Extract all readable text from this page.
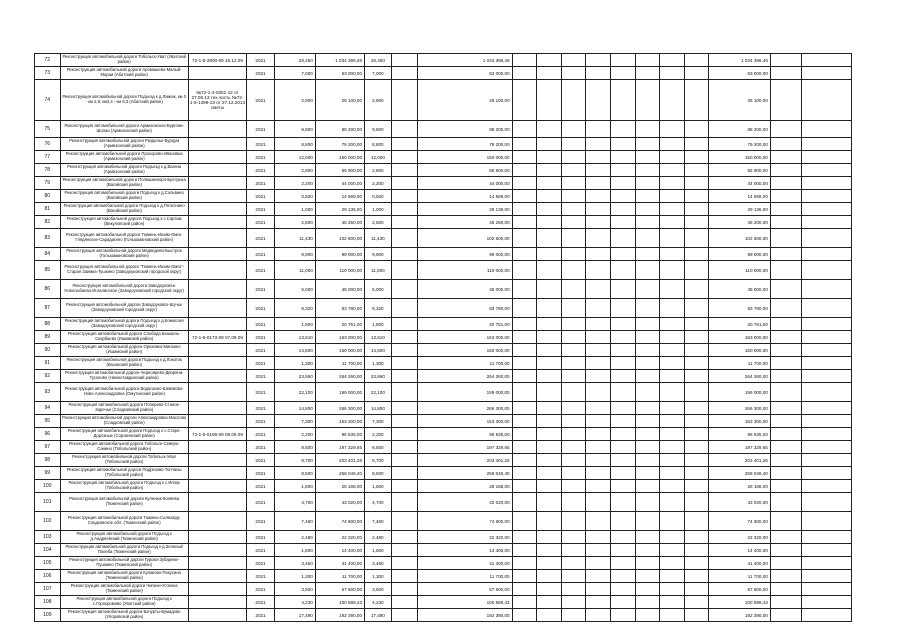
72	Реконструкция автомобильной дороги Тобольск-Уват (Уватский район)	72-1-5-2800-09 16.12.09	2021	28,450	1 034 396,46	28,450		1 034 396,46									1 034 396,46		
73	Реконструкция автомобильной дороги Аромашево-Малый-Мараи (Абатский район)		2021	7,000	63 000,00	7,000		63 000,00									63 000,00		
74	Реконструкция автомобильной дороги Подъезд к д.Ламеж, км 0 - км 2,9; км3,4 - км 6,3 (Абатский район)	№72-1-4-0351-12 от 27.06.13 тех.часть №72-1-5-1399-13 от 27.12.2013 сметы	2021	2,900	26 100,00	2,900		26 100,00									26 100,00		
75	Реконструкция автомобильной дороги Армизонское-Бургони-Шолаи (Армизонский район)		2021	9,800	88 200,00	9,800		88 200,00									88 200,00		
76	Реконструкция автомобильной дороги Раздолье-Бурцум (Армизонский район)		2021	8,800	79 200,00	8,800		79 200,00									79 200,00		
77	Реконструкция автомобильной дороги Прохорово-Ивановка (Армизонский район)		2021	12,000	150 000,00	12,000		150 000,00									150 000,00		
78	Реконструкция автомобильной дороги Подъезд к д.Вагина (Армизонский район)		2021	2,800	55 900,00	2,800		55 900,00									55 900,00		
79	Реконструкция автомобильной дороги Полюшкиноро-Бухтушка (Вагайский район)		2021	2,200	44 000,00	2,200		44 000,00									44 000,00		
80	Реконструкция автомобильной дороги Подъезд к д.Сольвино (Вагайский район)		2021	0,920	14 569,00	0,920		14 569,00									14 569,00		
81	Реконструкция автомобильной дороги Подъезд к д.Потеснино (Вагайский район)		2021	1,000	29 136,00	1,000		29 136,00									29 136,00		
82	Реконструкция автомобильной дороги Подъезд к с.Сартам (Викуловский район)		2021	2,500	45 250,00	2,500		45 250,00									45 200,00		
83	Реконструкция автомобильной дороги Тюмень-Ишим-Омск-Глядянское-Сарадагино (Голышмановский район)		2021	11,430	102 600,00	11,430		102 600,00									102 600,00		
84	Реконструкция автомобильной дороги Медведево-Быстрое (Голышмановский район)		2021	9,900	99 000,00	9,900		99 000,00									99 000,00		
85	Реконструкция автомобильной дороги "Тюмень-Ишим-Омск"-Старая Заимка-Тушкино (Заводоуковский городской округ)		2021	11,000	110 000,00	11,000		110 000,00									110 000,00		
86	Реконструкция автомобильной дороги Заводоуковск-Новолыбаево-Ингалинское (Заводоуковский городской округ)		2021	5,000	45 000,00	5,000		45 000,00									45 000,00		
87	Реконструкция автомобильной дороги Заводоуковск-Шучье (Заводоуковский городской округ)		2021	9,320	83 780,00	9,320		83 780,00									83 780,00		
88	Реконструкция автомобильной дороги Подъезд к д.Комиссия (Заводоуковский городской округ)		2021	1,800	20 751,00	1,800		20 751,00									20 751,00		
89	Реконструкция автомобильной дороги Слобода Бешкиль-Скорбаево (Ишимский район)	72-1-5-0173-09 07.09.09	2021	13,610	163 000,00	13,610		163 000,00									163 000,00		
90	Реконструкция автомобильной дороги Ореховко-Минзино (Ишимский район)		2021	14,500	150 000,00	14,500		150 000,00									150 000,00		
91	Реконструкция автомобильной дороги Подъезд к д.Локоток (Казанский район)		2021	1,300	11 700,00	1,300		11 700,00									11 700,00		
92	Реконструкция автомобильной дороги Черноярево-Дворяна-Тугалово (Нижнетавдинский район)		2021	23,660	264 260,00	23,660		264 260,00									264 260,00		
93	Реконструкция автомобильной дороги Водолазно-Шевяково-Ново-Александровка (Омутинский район)		2021	22,100	199 000,00	22,100		199 000,00									199 000,00		
94	Реконструкция автомобильной дороги Поперево-Станок-Заречье (Сладковский район)		2021	14,800	266 300,00	14,800		266 300,00									266 300,00		
95	Реконструкция автомобильной дороги Александровка-Маслово (Сладковский район)		2021	7,300	153 300,00	7,300		153 300,00									153 300,00		
96	Реконструкция автомобильной дороги Подъезд к с.Старо-Дорозные (Сорокинский район)	72-1-5-0199-09 08.05.09	2021	2,200	96 535,00	2,200		96 535,00									96 535,00		
97	Реконструкция автомобильной дороги Тобольск-Северо-Санино (Тобольский район)		2021	8,500	197 329,65	8,500		197 329,65									197 329,65		
98	Реконструкция автомобильной дороги Тобольск-Увал (Тобольский район)		2021	8,700	203 401,26	8,700		203 401,26									203 401,26		
99	Реконструкция автомобильной дороги Подрезово-Топчаны (Тобольский район)		2021	8,500	258 046,40	8,500		258 046,40									258 046,40		
100	Реконструкция автомобильной дороги Подъезд к с.Ингир (Тобольский район)		2021	1,600	28 168,00	1,600		28 168,00									28 168,00		
101	Реконструкция автомобильной дороги Куленюк-Коняева (Тюменский район)		2021	4,700	43 020,00	4,700		43 020,00									43 020,00		
102	Реконструкция автомобильной дороги Тюмень-Салехард-Сладковское обл. (Тюменский район)		2021	7,460	74 600,00	7,460		74 600,00									74 600,00		
103	Реконструкция автомобильной дороги Подъезд к д.Андреевский (Тюменский район)		2021	2,480	22 320,00	2,480		22 320,00									22 320,00		
104	Реконструкция автомобильной дороги Подъезд к д.Зеленый Полеба (Тюменский район)		2021	1,600	14 400,00	1,600		14 400,00									14 400,00		
105	Реконструкция автомобильной дороги Гурово-Зубареве-Пушкино (Тюменский район)		2021	3,450	41 400,00	3,450		41 400,00									41 400,00		
106	Реконструкция автомобильной дороги Кулаково-Покусина (Тюменский район)		2021	1,300	11 700,00	1,300		11 700,00									11 700,00		
107	Реконструкция автомобильной дороги Чипачи-Успенка (Тюменский район)		2021	3,920	57 600,00	3,920		57 600,00									57 600,00		
108	Реконструкция автомобильной дороги Подъезд к с.Горохромово (Уватский район)		2021	4,230	100 589,43	4,230		100 589,43									100 589,43		
109	Реконструкция автомобильной дороги Бачурты-Бумадово (Упоровский район)		2021	17,490	192 390,00	17,490		192 390,00									192 390,00		
